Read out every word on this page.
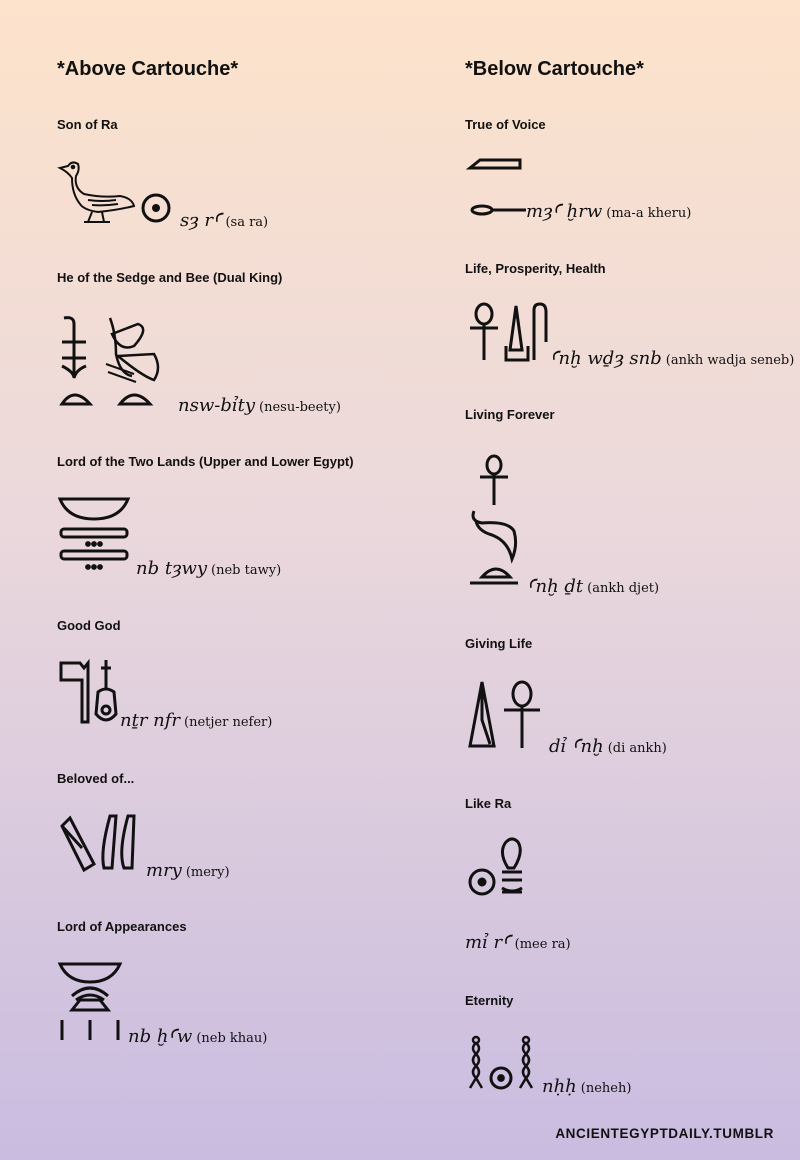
*Above Cartouche*	*Below Cartouche*
Son of Ra
sȝ rꜤ (sa ra)
He of the Sedge and Bee (Dual King)
nsw-bỉty (nesu-beety)
Lord of the Two Lands (Upper and Lower Egypt)
nb tȝwy (neb tawy)
Good God
nṯr nfr (netjer nefer)
Beloved of...
mry (mery)
Lord of Appearances
nb ḫꜤw (neb khau)
True of Voice
mȝꜤ ḫrw (ma-a kheru)
Life, Prosperity, Health
Ꜥnḫ wḏȝ snb (ankh wadja seneb)
Living Forever
Ꜥnḫ ḏt (ankh djet)
Giving Life
dỉ Ꜥnḫ (di ankh)
Like Ra
mỉ rꜤ (mee ra)
Eternity
nḥḥ (neheh)
ANCIENTEGYPTDAILY.TUMBLR
